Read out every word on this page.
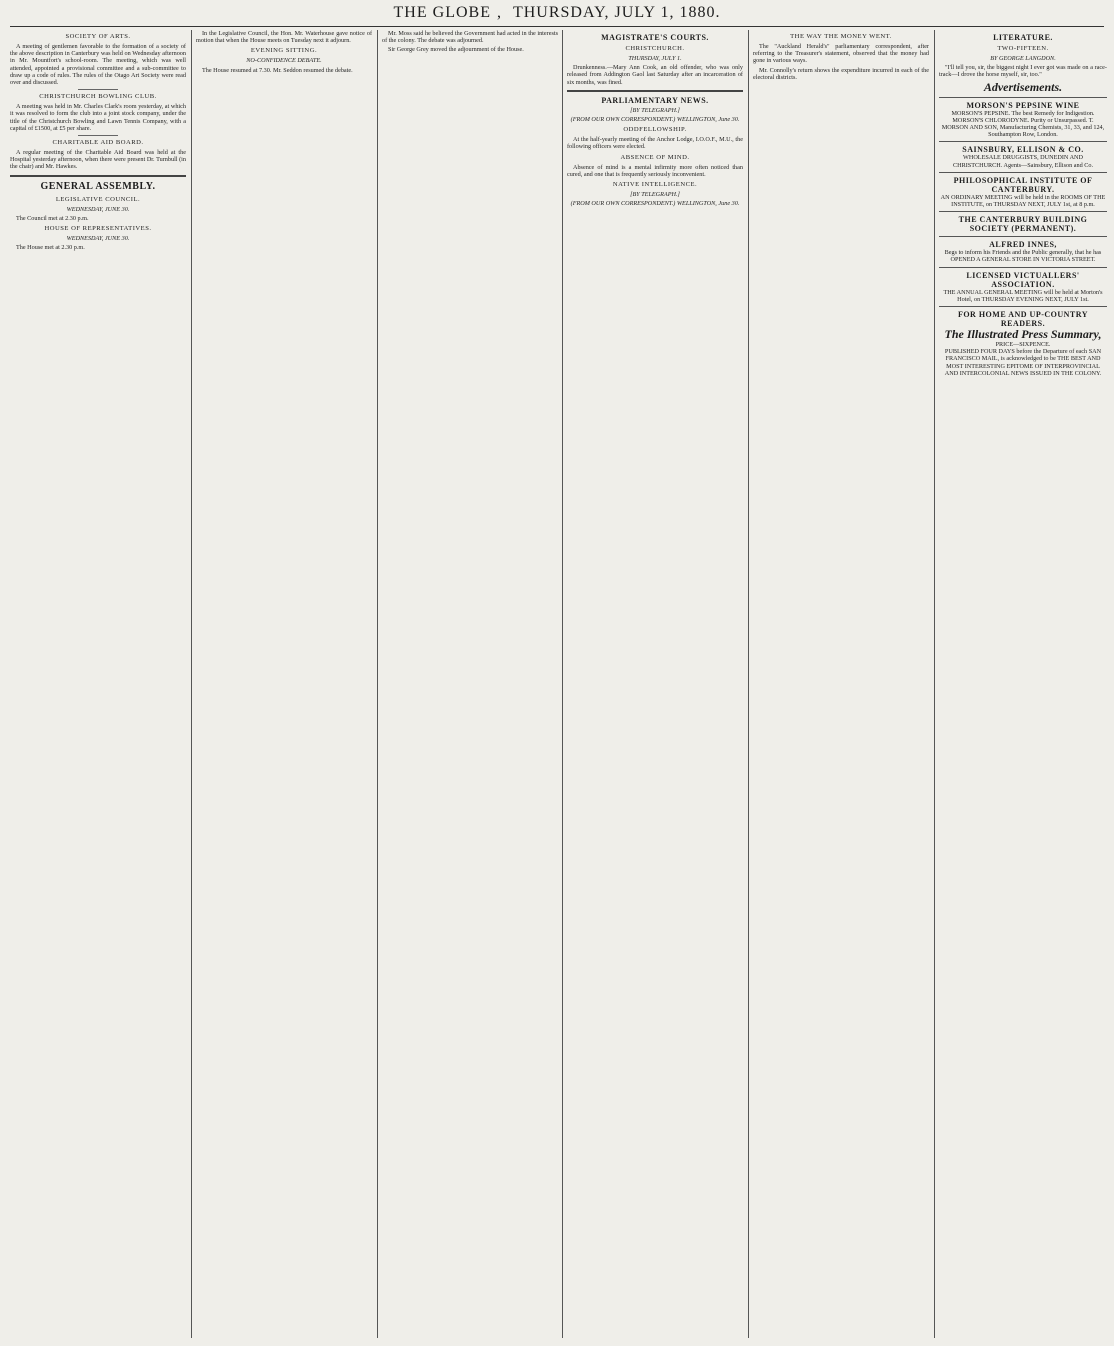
THE GLOBE , THURSDAY, JULY 1, 1880.
SOCIETY OF ARTS.

A meeting of gentlemen favorable to the formation of a society of the above description in Canterbury was held on Wednesday afternoon in Mr. Mountfort's school-room. The meeting, which was well attended, appointed a provisional committee and a sub-committee to draw up a code of rules. The rules of the Otago Art Society were read over and discussed.

CHRISTCHURCH BOWLING CLUB.

A meeting was held in Mr. Charles Clark's room yesterday, at which it was resolved to form the club into a joint stock company, under the title of the Christchurch Bowling and Lawn Tennis Company, with a capital of £1500, at £5 per share.

CHARITABLE AID BOARD.

A regular meeting of the Charitable Aid Board was held at the Hospital yesterday afternoon, when there were present Dr. Turnbull (in the chair) and Mr. Hawkes.

GENERAL ASSEMBLY.
LEGISLATIVE COUNCIL.
WEDNESDAY, JUNE 30.

The Council met at 2.30 p.m.

HOUSE OF REPRESENTATIVES.
WEDNESDAY, JUNE 30.

The House met at 2.30 p.m.

In the Legislative Council, the Hon. Mr. Waterhouse gave notice of motion that when the House meets on Tuesday next it adjourn.

EVENING SITTING.
NO-CONFIDENCE DEBATE.

The House resumed at 7.30. Mr. Seddon resumed the debate.

Mr. Moss said he believed the Government had acted in the interests of the colony. The debate was adjourned.

Sir George Grey moved the adjournment of the House.

MAGISTRATE'S COURTS.
CHRISTCHURCH.
THURSDAY, JULY 1.

Drunkenness.—Mary Ann Cook, an old offender, who was only released from Addington Gaol last Saturday after an incarceration of six months, was fined.

PARLIAMENTARY NEWS.
[BY TELEGRAPH.]
(FROM OUR OWN CORRESPONDENT.) WELLINGTON, June 30.
ODDFELLOWSHIP.

At the half-yearly meeting of the Anchor Lodge, I.O.O.F., M.U., the following officers were elected.

ABSENCE OF MIND.

Absence of mind is a mental infirmity more often noticed than cured, and one that is frequently seriously inconvenient.

NATIVE INTELLIGENCE.
[BY TELEGRAPH.]
(FROM OUR OWN CORRESPONDENT.) WELLINGTON, June 30.
THE WAY THE MONEY WENT.

The "Auckland Herald's" parliamentary correspondent, after referring to the Treasurer's statement, observed that the money had gone in various ways.

Mr. Connolly's return shows the expenditure incurred in each of the electoral districts.

LITERATURE.
TWO-FIFTEEN.
BY GEORGE LANGDON.

"I'll tell you, sir, the biggest night I ever got was made on a race-track—I drove the horse myself, sir, too."

Advertisements.
MORSON'S PEPSINE WINE
MORSON'S PEPSINE. The best Remedy for Indigestion. MORSON'S CHLORODYNE. Purity or Unsurpassed. T. MORSON AND SON, Manufacturing Chemists, 31, 33, and 124, Southampton Row, London.
SAINSBURY, ELLISON & CO.
WHOLESALE DRUGGISTS, DUNEDIN AND CHRISTCHURCH. Agents—Sainsbury, Ellison and Co.
PHILOSOPHICAL INSTITUTE OF CANTERBURY.
AN ORDINARY MEETING will be held in the ROOMS OF THE INSTITUTE, on THURSDAY NEXT, JULY 1st, at 8 p.m.
THE CANTERBURY BUILDING SOCIETY (PERMANENT).
ALFRED INNES,
Begs to inform his Friends and the Public generally, that he has OPENED A GENERAL STORE IN VICTORIA STREET.
LICENSED VICTUALLERS' ASSOCIATION.
THE ANNUAL GENERAL MEETING will be held at Morton's Hotel, on THURSDAY EVENING NEXT, JULY 1st.
FOR HOME AND UP-COUNTRY READERS.
The Illustrated Press Summary,
PRICE—SIXPENCE.
PUBLISHED FOUR DAYS before the Departure of each SAN FRANCISCO MAIL, is acknowledged to be THE BEST AND MOST INTERESTING EPITOME OF INTERPROVINCIAL AND INTERCOLONIAL NEWS ISSUED IN THE COLONY.
